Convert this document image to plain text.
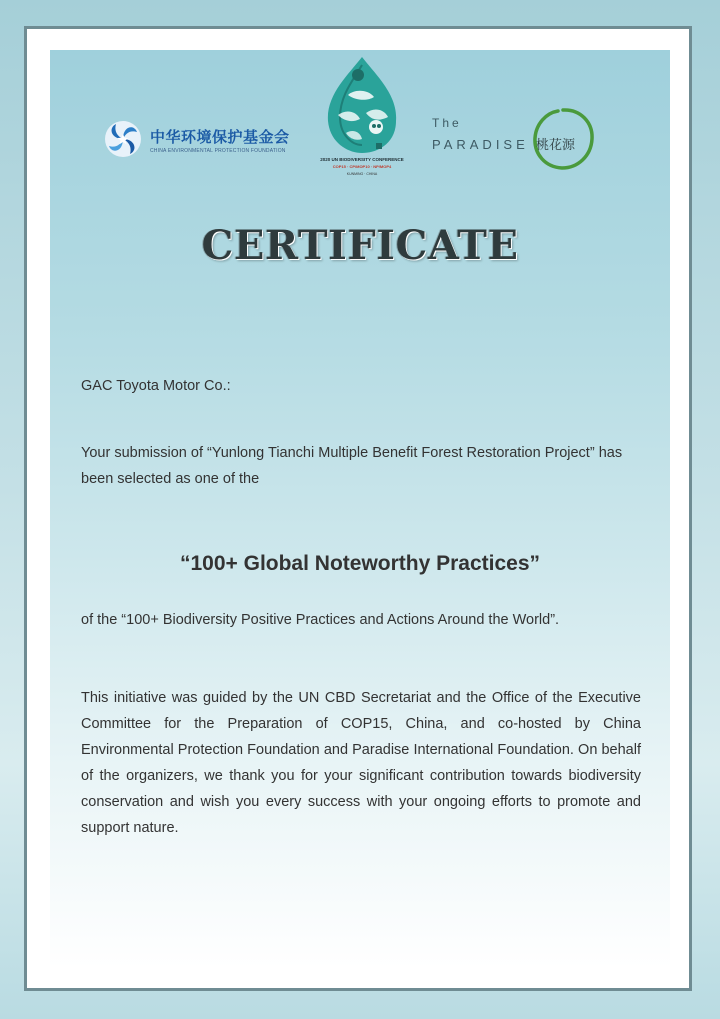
中华环境保护基金会
CHINA ENVIRONMENTAL PROTECTION FOUNDATION
2020 UN BIODIVERSITY CONFERENCE
COP15 · CP/MOP10 · NP/MOP4
KUNMING · CHINA
The
PARADISE 桃花源
CERTIFICATE
GAC Toyota Motor Co.:
Your submission of “Yunlong Tianchi Multiple Benefit Forest Restoration Project” has been selected as one of the
“100+ Global Noteworthy Practices”
of the “100+ Biodiversity Positive Practices and Actions Around the World”.
This initiative was guided by the UN CBD Secretariat and the Office of the Executive Committee for the Preparation of COP15, China, and co-hosted by China Environmental Protection Foundation and Paradise International Foundation. On behalf of the organizers, we thank you for your significant contribution towards biodiversity conservation and wish you every success with your ongoing efforts to promote and support nature.
